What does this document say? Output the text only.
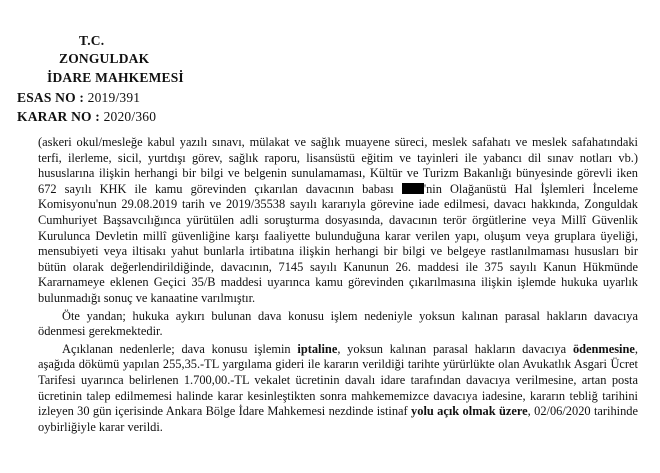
T.C.
ZONGULDAK
İDARE MAHKEMESİ
ESAS NO : 2019/391
KARAR NO : 2020/360

(askeri okul/mesleğe kabul yazılı sınavı, mülakat ve sağlık muayene süreci, meslek safahatı ve meslek safahatındaki terfi, ilerleme, sicil, yurtdışı görev, sağlık raporu, lisansüstü eğitim ve tayinleri ile yabancı dil sınav notları vb.) hususlarına ilişkin herhangi bir bilgi ve belgenin sunulamaması, Kültür ve Turizm Bakanlığı bünyesinde görevli iken 672 sayılı KHK ile kamu görevinden çıkarılan davacının babası 'nin Olağanüstü Hal İşlemleri İnceleme Komisyonu'nun 29.08.2019 tarih ve 2019/35538 sayılı kararıyla görevine iade edilmesi, davacı hakkında, Zonguldak Cumhuriyet Başsavcılığınca yürütülen adli soruşturma dosyasında, davacının terör örgütlerine veya Millî Güvenlik Kurulunca Devletin millî güvenliğine karşı faaliyette bulunduğuna karar verilen yapı, oluşum veya gruplara üyeliği, mensubiyeti veya iltisakı yahut bunlarla irtibatına ilişkin herhangi bir bilgi ve belgeye rastlanılmaması hususları bir bütün olarak değerlendirildiğinde, davacının, 7145 sayılı Kanunun 26. maddesi ile 375 sayılı Kanun Hükmünde Kararnameye eklenen Geçici 35/B maddesi uyarınca kamu görevinden çıkarılmasına ilişkin işlemde hukuka uyarlık bulunmadığı sonuç ve kanaatine varılmıştır.

Öte yandan; hukuka aykırı bulunan dava konusu işlem nedeniyle yoksun kalınan parasal hakların davacıya ödenmesi gerekmektedir.

Açıklanan nedenlerle; dava konusu işlemin iptaline, yoksun kalınan parasal hakların davacıya ödenmesine, aşağıda dökümü yapılan 255,35.-TL yargılama gideri ile kararın verildiği tarihte yürürlükte olan Avukatlık Asgari Ücret Tarifesi uyarınca belirlenen 1.700,00.-TL vekalet ücretinin davalı idare tarafından davacıya verilmesine, artan posta ücretinin talep edilmemesi halinde karar kesinleştikten sonra mahkememizce davacıya iadesine, kararın tebliğ tarihini izleyen 30 gün içerisinde Ankara Bölge İdare Mahkemesi nezdinde istinaf yolu açık olmak üzere, 02/06/2020 tarihinde oybirliğiyle karar verildi.
